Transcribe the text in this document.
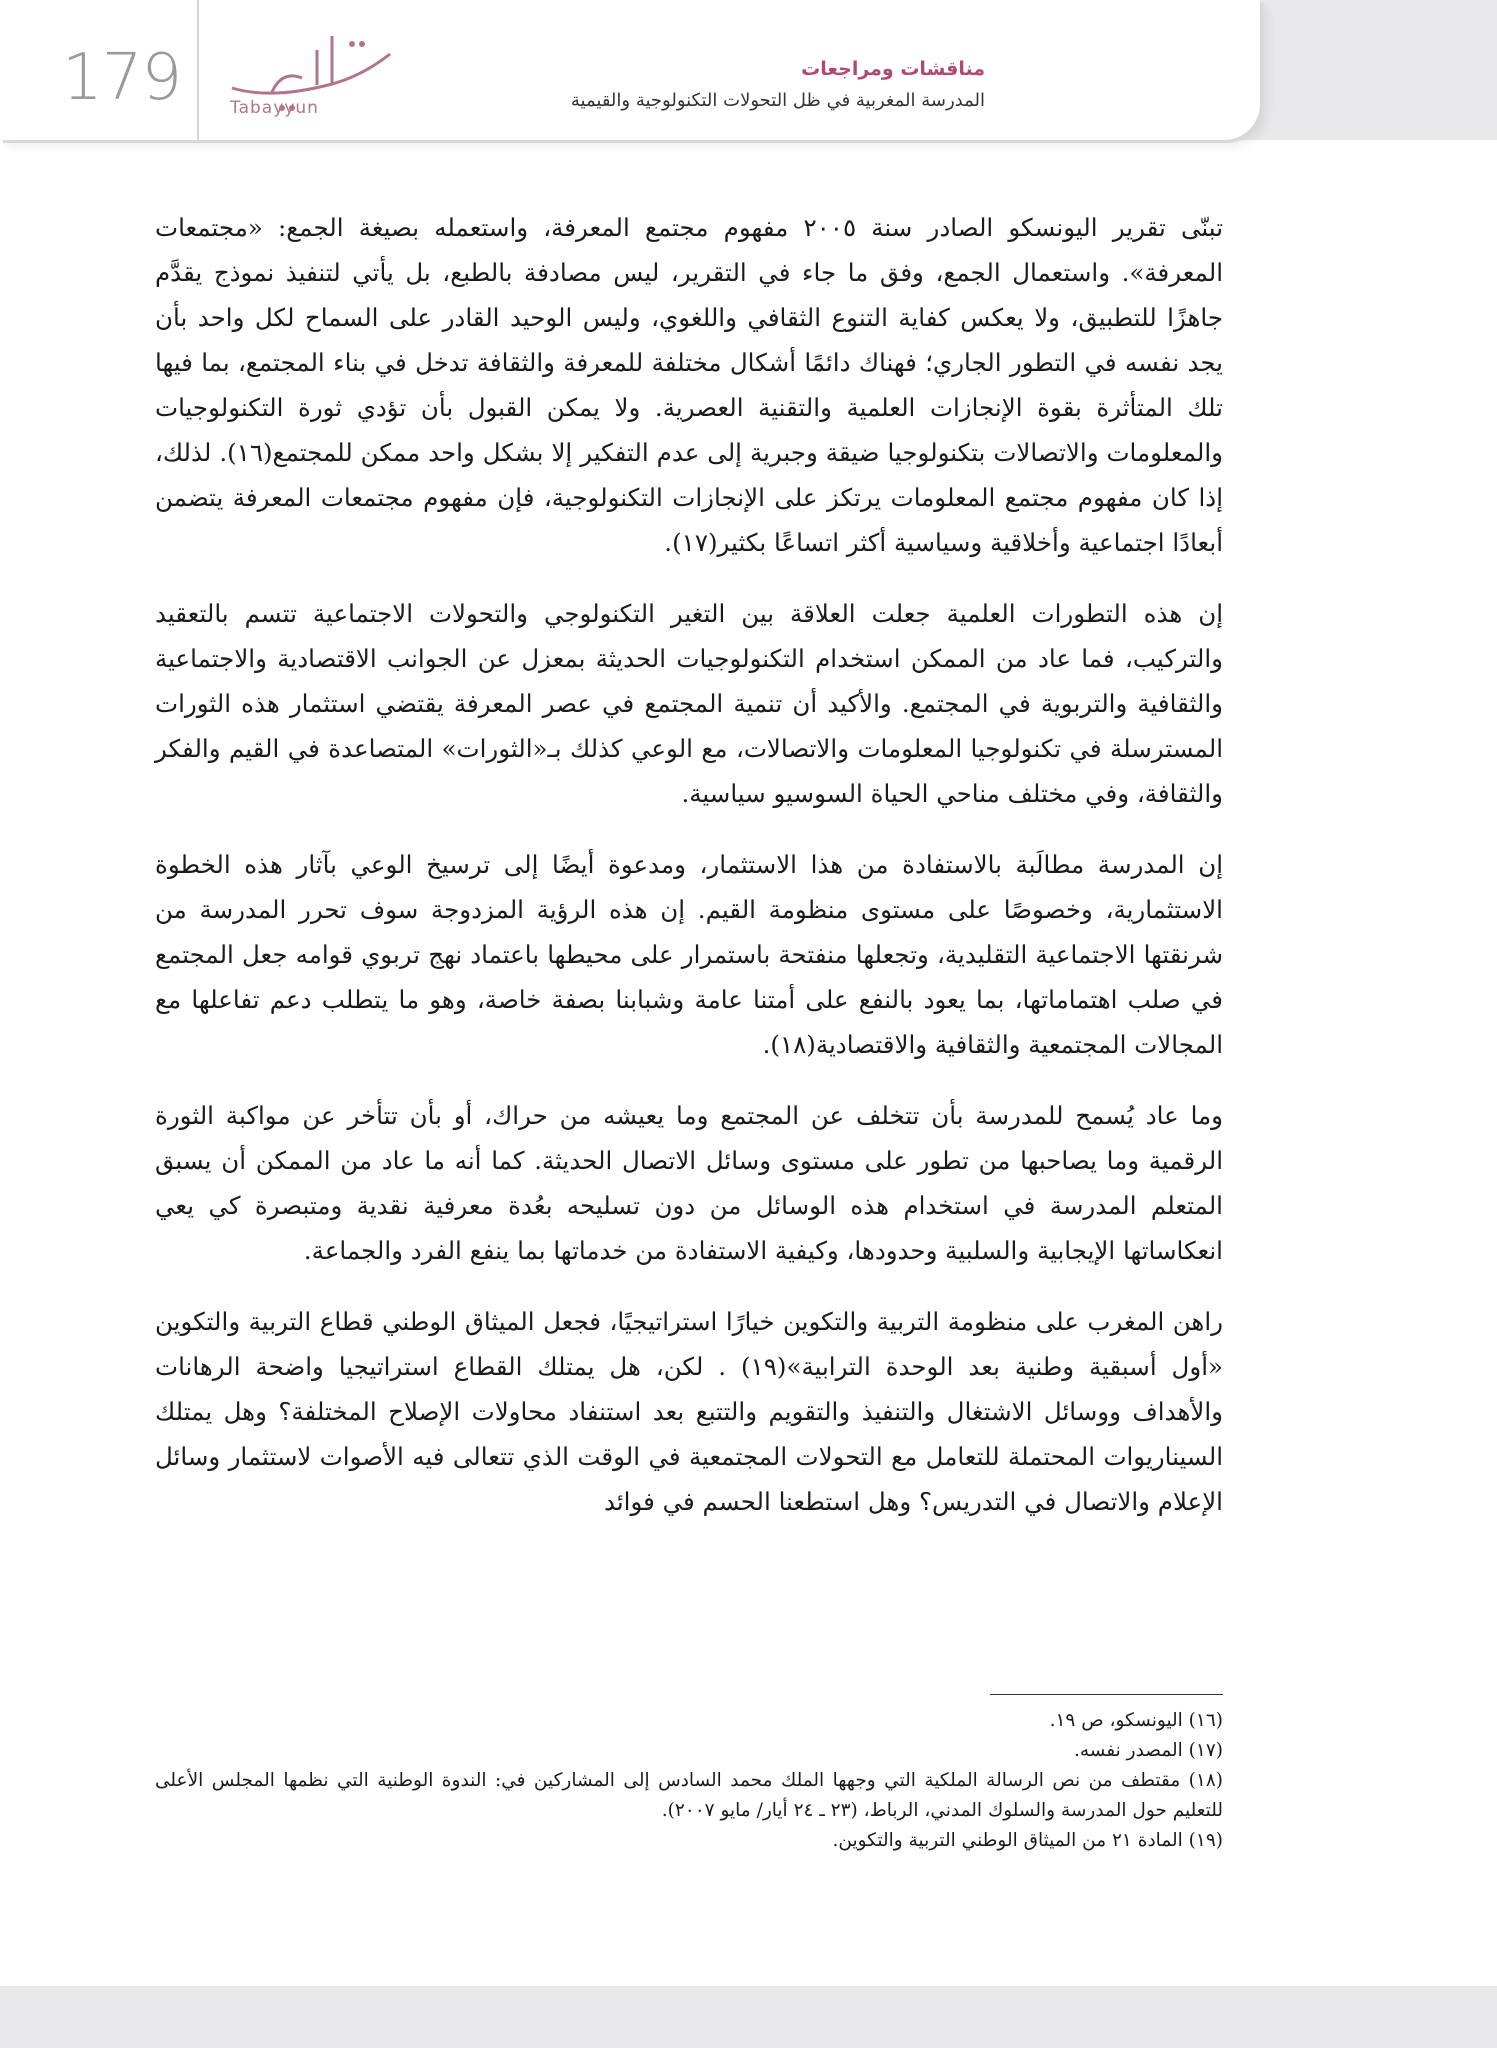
179
تبيّن
Tabayyun
مناقشات ومراجعات
المدرسة المغربية في ظل التحولات التكنولوجية والقيمية

تبنّى تقرير اليونسكو الصادر سنة ٢٠٠٥ مفهوم مجتمع المعرفة، واستعمله بصيغة الجمع: «مجتمعات المعرفة». واستعمال الجمع، وفق ما جاء في التقرير، ليس مصادفة بالطبع، بل يأتي لتنفيذ نموذج يقدَّم جاهزًا للتطبيق، ولا يعكس كفاية التنوع الثقافي واللغوي، وليس الوحيد القادر على السماح لكل واحد بأن يجد نفسه في التطور الجاري؛ فهناك دائمًا أشكال مختلفة للمعرفة والثقافة تدخل في بناء المجتمع، بما فيها تلك المتأثرة بقوة الإنجازات العلمية والتقنية العصرية. ولا يمكن القبول بأن تؤدي ثورة التكنولوجيات والمعلومات والاتصالات بتكنولوجيا ضيقة وجبرية إلى عدم التفكير إلا بشكل واحد ممكن للمجتمع(١٦). لذلك، إذا كان مفهوم مجتمع المعلومات يرتكز على الإنجازات التكنولوجية، فإن مفهوم مجتمعات المعرفة يتضمن أبعادًا اجتماعية وأخلاقية وسياسية أكثر اتساعًا بكثير(١٧).

إن هذه التطورات العلمية جعلت العلاقة بين التغير التكنولوجي والتحولات الاجتماعية تتسم بالتعقيد والتركيب، فما عاد من الممكن استخدام التكنولوجيات الحديثة بمعزل عن الجوانب الاقتصادية والاجتماعية والثقافية والتربوية في المجتمع. والأكيد أن تنمية المجتمع في عصر المعرفة يقتضي استثمار هذه الثورات المسترسلة في تكنولوجيا المعلومات والاتصالات، مع الوعي كذلك بـ«الثورات» المتصاعدة في القيم والفكر والثقافة، وفي مختلف مناحي الحياة السوسيو سياسية.

إن المدرسة مطالَبة بالاستفادة من هذا الاستثمار، ومدعوة أيضًا إلى ترسيخ الوعي بآثار هذه الخطوة الاستثمارية، وخصوصًا على مستوى منظومة القيم. إن هذه الرؤية المزدوجة سوف تحرر المدرسة من شرنقتها الاجتماعية التقليدية، وتجعلها منفتحة باستمرار على محيطها باعتماد نهج تربوي قوامه جعل المجتمع في صلب اهتماماتها، بما يعود بالنفع على أمتنا عامة وشبابنا بصفة خاصة، وهو ما يتطلب دعم تفاعلها مع المجالات المجتمعية والثقافية والاقتصادية(١٨).

وما عاد يُسمح للمدرسة بأن تتخلف عن المجتمع وما يعيشه من حراك، أو بأن تتأخر عن مواكبة الثورة الرقمية وما يصاحبها من تطور على مستوى وسائل الاتصال الحديثة. كما أنه ما عاد من الممكن أن يسبق المتعلم المدرسة في استخدام هذه الوسائل من دون تسليحه بعُدة معرفية نقدية ومتبصرة كي يعي انعكاساتها الإيجابية والسلبية وحدودها، وكيفية الاستفادة من خدماتها بما ينفع الفرد والجماعة.

راهن المغرب على منظومة التربية والتكوين خيارًا استراتيجيًا، فجعل الميثاق الوطني قطاع التربية والتكوين «أول أسبقية وطنية بعد الوحدة الترابية»(١٩) . لكن، هل يمتلك القطاع استراتيجيا واضحة الرهانات والأهداف ووسائل الاشتغال والتنفيذ والتقويم والتتبع بعد استنفاد محاولات الإصلاح المختلفة؟ وهل يمتلك السيناريوات المحتملة للتعامل مع التحولات المجتمعية في الوقت الذي تتعالى فيه الأصوات لاستثمار وسائل الإعلام والاتصال في التدريس؟ وهل استطعنا الحسم في فوائد

(١٦) اليونسكو، ص ١٩.

(١٧) المصدر نفسه.

(١٨) مقتطف من نص الرسالة الملكية التي وجهها الملك محمد السادس إلى المشاركين في: الندوة الوطنية التي نظمها المجلس الأعلى للتعليم حول المدرسة والسلوك المدني، الرباط، (٢٣ ـ ٢٤ أيار/ مايو ٢٠٠٧).

(١٩) المادة ٢١ من الميثاق الوطني التربية والتكوين.
